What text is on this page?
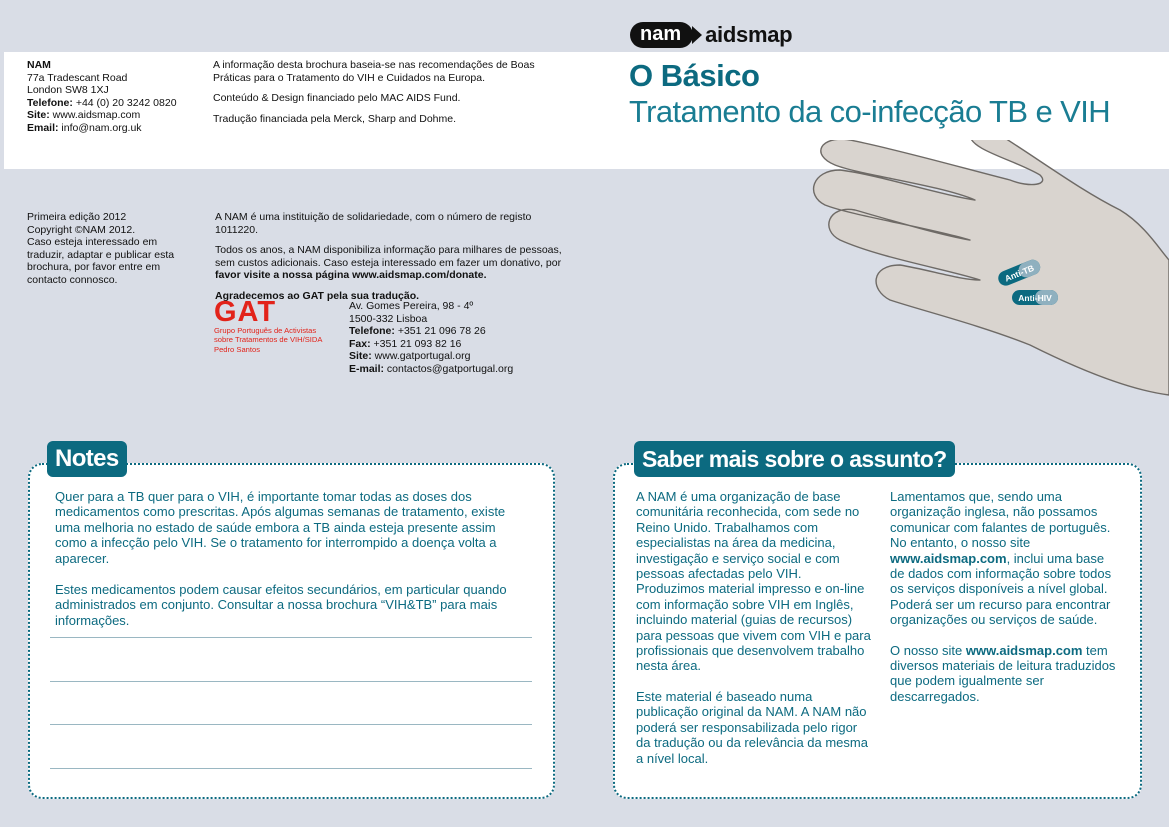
nam	aidsmap
O Básico
Tratamento da co-infecção TB e VIH
NAM
77a Tradescant Road
London SW8 1XJ
Telefone: +44 (0) 20 3242 0820
Site: www.aidsmap.com
Email: info@nam.org.uk

A informação desta brochura baseia-se nas recomendações de Boas Práticas para o Tratamento do VIH e Cuidados na Europa.

Conteúdo & Design financiado pelo MAC AIDS Fund.

Tradução financiada pela Merck, Sharp and Dohme.

Primeira edição 2012
Copyright ©NAM 2012.
Caso esteja interessado em traduzir, adaptar e publicar esta brochura, por favor entre em contacto connosco.

A NAM é uma instituição de solidariedade, com o número de registo 1011220.

Todos os anos, a NAM disponibiliza informação para milhares de pessoas, sem custos adicionais. Caso esteja interessado em fazer um donativo, por favor visite a nossa página www.aidsmap.com/donate.

Agradecemos ao GAT pela sua tradução.

GAT
Grupo Português de Activistas
sobre Tratamentos de VIH/SIDA
Pedro Santos
Av. Gomes Pereira, 98 - 4º
1500-332 Lisboa
Telefone: +351 21 096 78 26
Fax: +351 21 093 82 16
Site: www.gatportugal.org
E-mail: contactos@gatportugal.org
Anti-TB
Anti-HIV
Notes

Quer para a TB quer para o VIH, é importante tomar todas as doses dos medicamentos como prescritas. Após algumas semanas de tratamento, existe uma melhoria no estado de saúde embora a TB ainda esteja presente assim como a infecção pelo VIH. Se o tratamento for interrompido a doença volta a aparecer.

Estes medicamentos podem causar efeitos secundários, em particular quando administrados em conjunto. Consultar a nossa brochura “VIH&TB” para mais informações.

Saber mais sobre o assunto?

A NAM é uma organização de base comunitária reconhecida, com sede no Reino Unido. Trabalhamos com especialistas na área da medicina, investigação e serviço social e com pessoas afectadas pelo VIH. Produzimos material impresso e on-line com informação sobre VIH em Inglês, incluindo material (guias de recursos) para pessoas que vivem com VIH e para profissionais que desenvolvem trabalho nesta área.

Este material é baseado numa publicação original da NAM. A NAM não poderá ser responsabilizada pelo rigor da tradução ou da relevância da mesma a nível local.

Lamentamos que, sendo uma organização inglesa, não possamos comunicar com falantes de português. No entanto, o nosso site www.aidsmap.com, inclui uma base de dados com informação sobre todos os serviços disponíveis a nível global. Poderá ser um recurso para encontrar organizações ou serviços de saúde.

O nosso site www.aidsmap.com tem diversos materiais de leitura traduzidos que podem igualmente ser descarregados.
